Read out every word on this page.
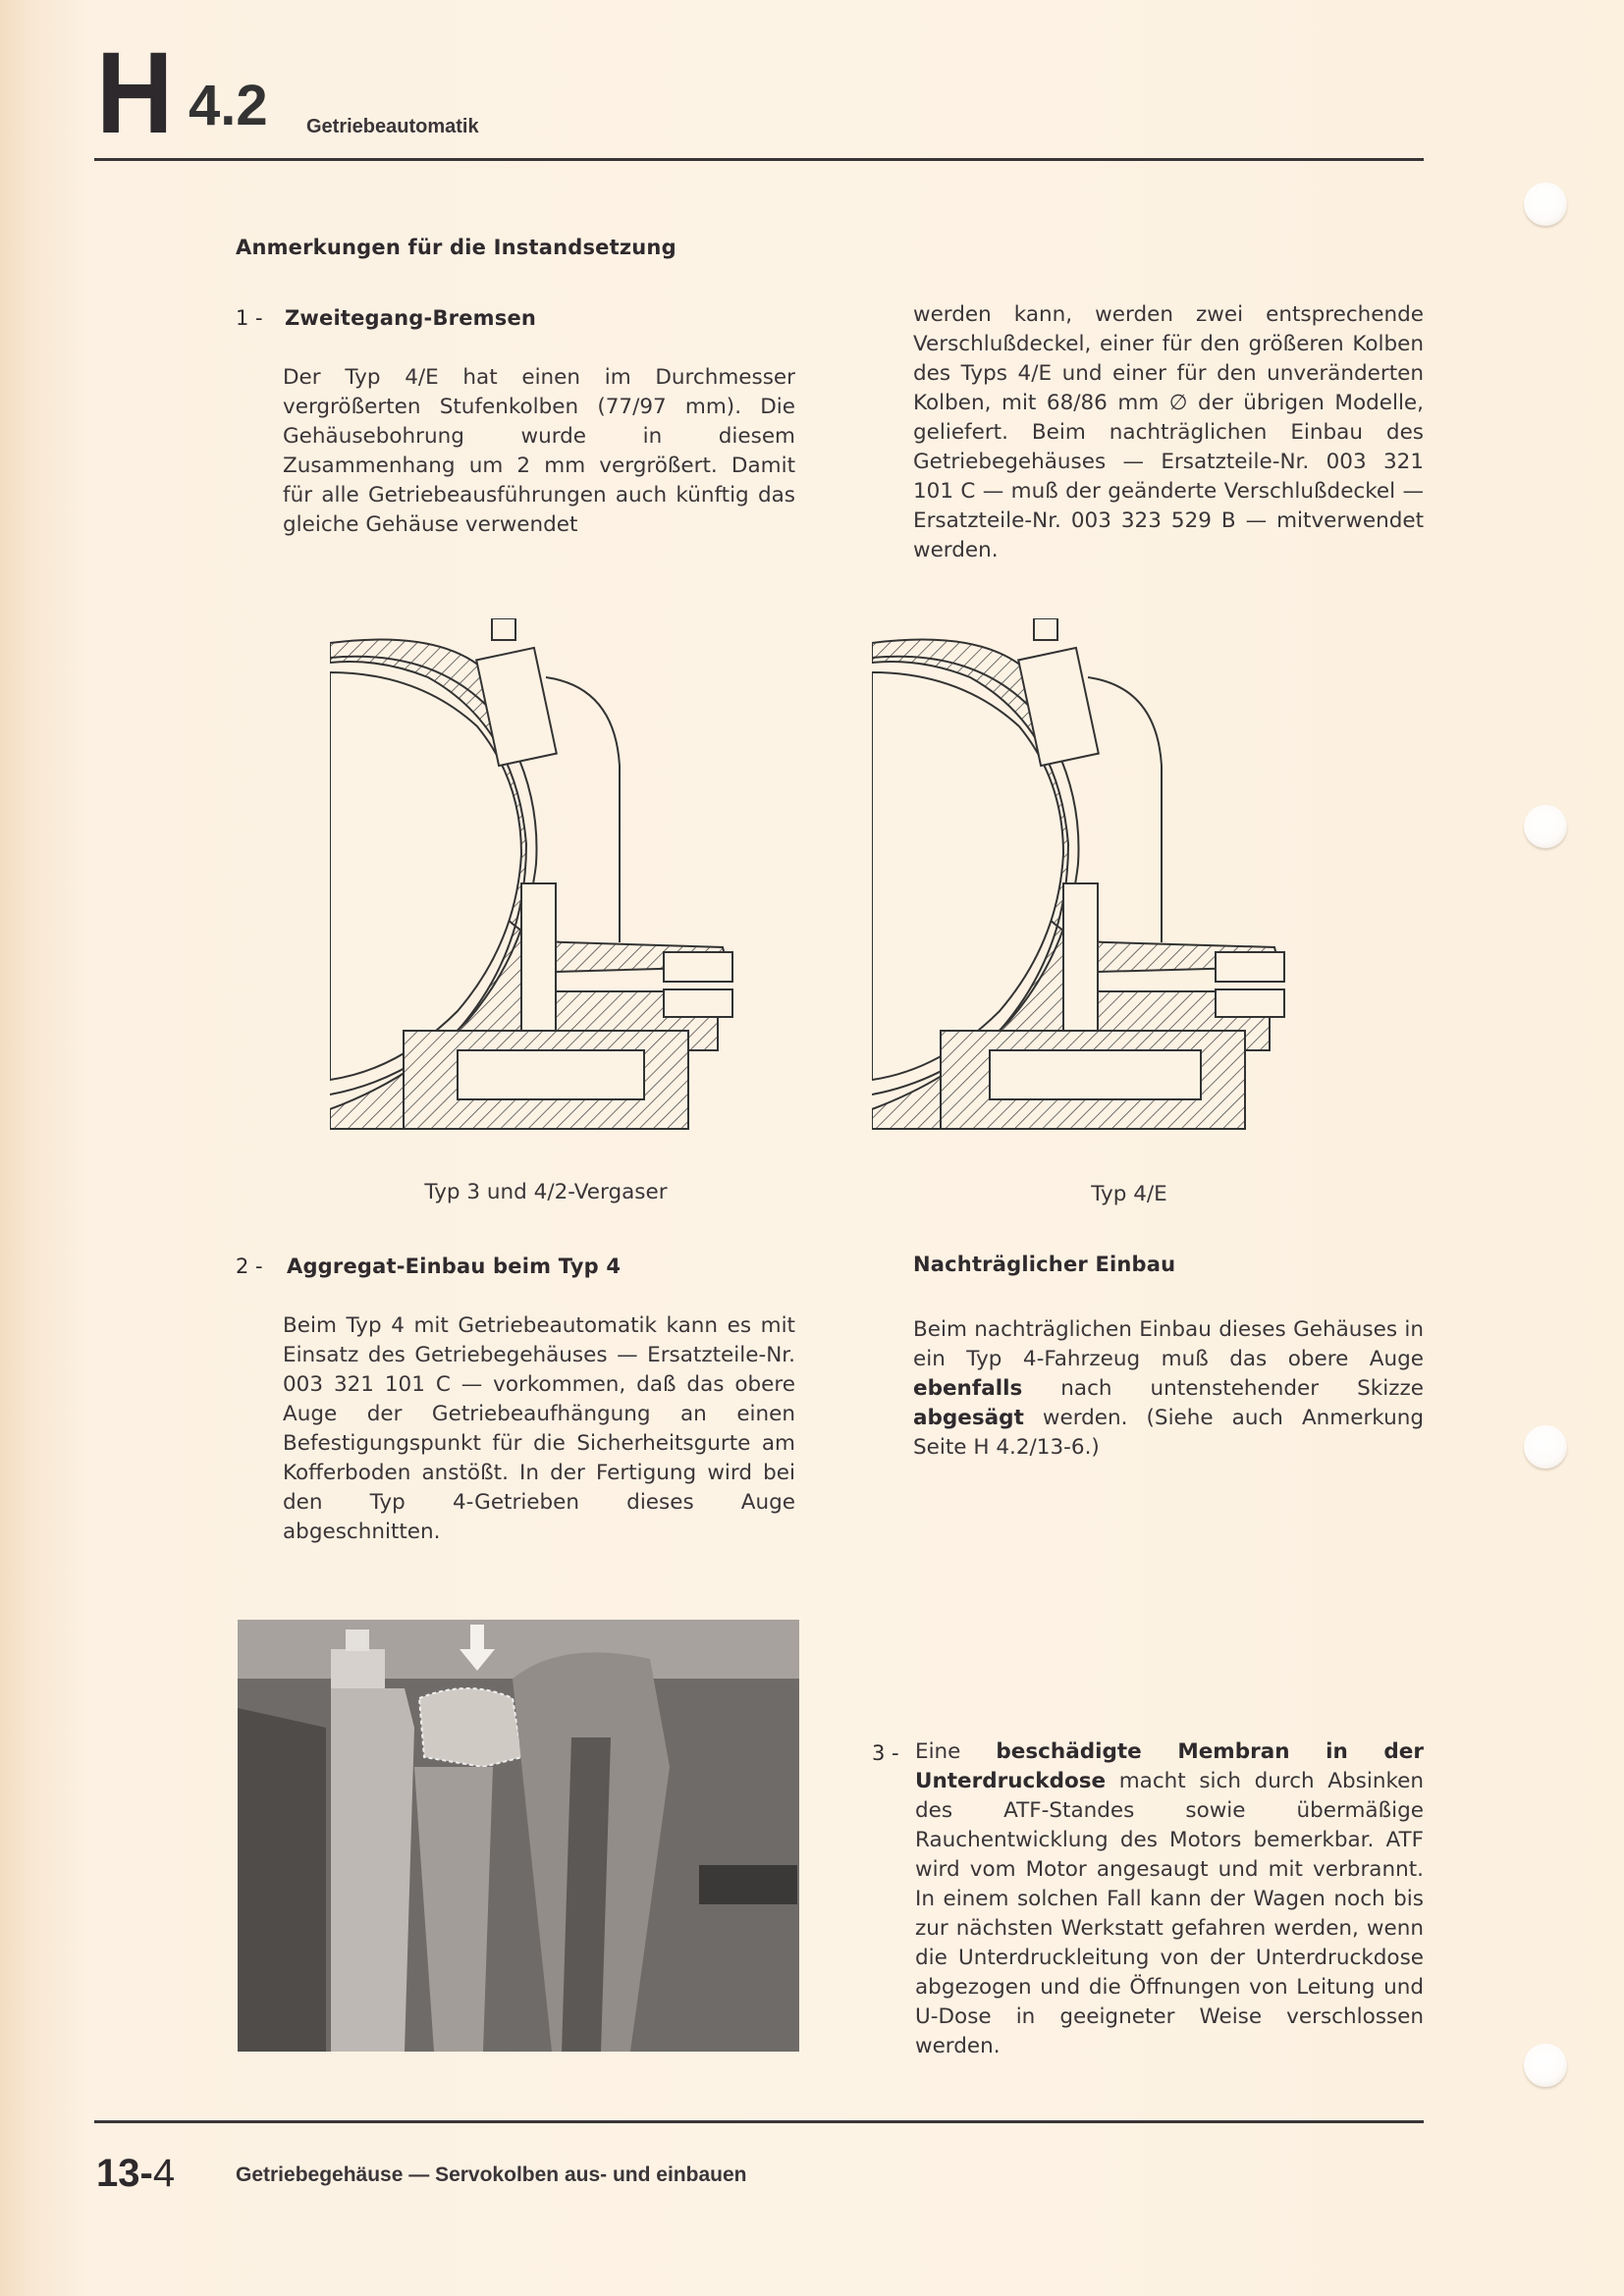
H 4.2 Getriebeautomatik
Anmerkungen für die Instandsetzung
1 - Zweitegang-Bremsen
Der Typ 4/E hat einen im Durchmesser vergrößerten Stufenkolben (77/97 mm). Die Gehäusebohrung wurde in diesem Zusammenhang um 2 mm vergrößert. Damit für alle Getriebeausführungen auch künftig das gleiche Gehäuse verwendet
werden kann, werden zwei entsprechende Verschlußdeckel, einer für den größeren Kolben des Typs 4/E und einer für den unveränderten Kolben, mit 68/86 mm ∅ der übrigen Modelle, geliefert. Beim nachträglichen Einbau des Getriebegehäuses — Ersatzteile-Nr. 003 321 101 C — muß der geänderte Verschlußdeckel — Ersatzteile-Nr. 003 323 529 B — mitverwendet werden.
Typ 3 und 4/2-Vergaser	Typ 4/E
2 - Aggregat-Einbau beim Typ 4
Beim Typ 4 mit Getriebeautomatik kann es mit Einsatz des Getriebegehäuses — Ersatzteile-Nr. 003 321 101 C — vorkommen, daß das obere Auge der Getriebeaufhängung an einen Befestigungspunkt für die Sicherheitsgurte am Kofferboden anstößt. In der Fertigung wird bei den Typ 4-Getrieben dieses Auge abgeschnitten.
Nachträglicher Einbau
Beim nachträglichen Einbau dieses Gehäuses in ein Typ 4-Fahrzeug muß das obere Auge ebenfalls nach untenstehender Skizze abgesägt werden. (Siehe auch Anmerkung Seite H 4.2/13-6.)
3 - Eine beschädigte Membran in der Unterdruckdose macht sich durch Absinken des ATF-Standes sowie übermäßige Rauchentwicklung des Motors bemerkbar. ATF wird vom Motor angesaugt und mit verbrannt. In einem solchen Fall kann der Wagen noch bis zur nächsten Werkstatt gefahren werden, wenn die Unterdruckleitung von der Unterdruckdose abgezogen und die Öffnungen von Leitung und U-Dose in geeigneter Weise verschlossen werden.
13-4	Getriebegehäuse — Servokolben aus- und einbauen
